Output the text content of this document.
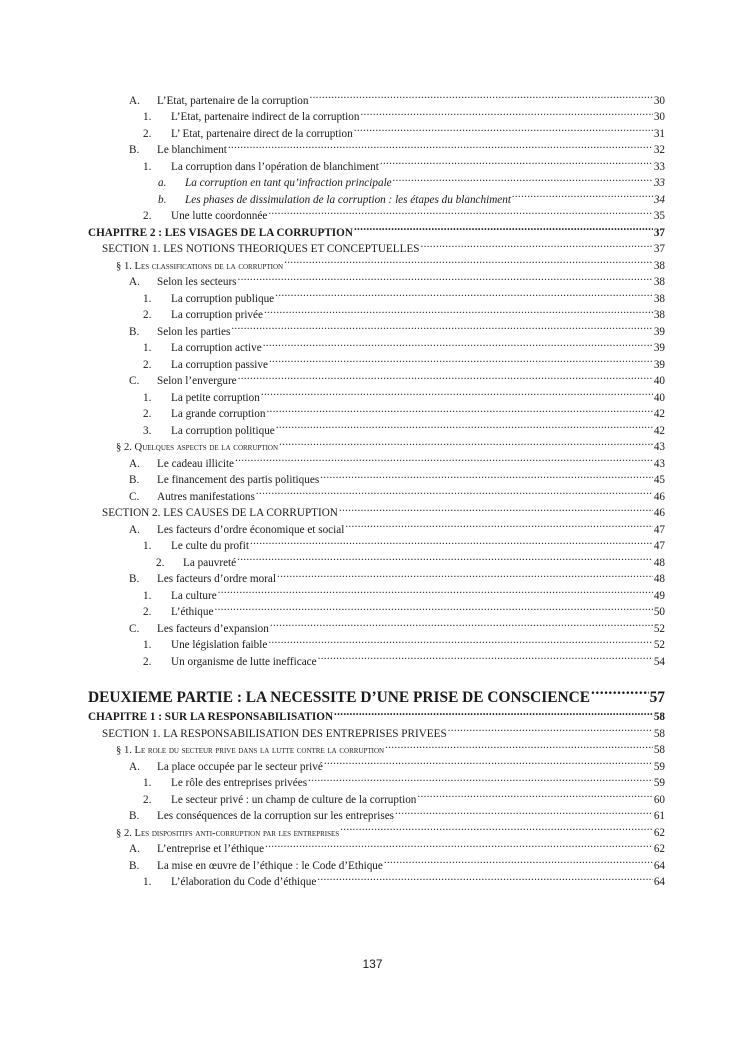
A.	L’Etat, partenaire de la corruption .....	30
1.	L’Etat, partenaire indirect de la corruption .....	30
2.	L’ Etat, partenaire direct de la corruption .....	31
B.	Le blanchiment .....	32
1.	La corruption dans l’opération de blanchiment .....	33
a.	La corruption en tant qu’infraction principale .....	33
b.	Les phases de dissimulation de la corruption : les étapes du blanchiment .....	34
2.	Une lutte coordonnée .....	35
CHAPITRE 2 : LES VISAGES DE LA CORRUPTION .....	37
SECTION 1. LES NOTIONS THEORIQUES ET CONCEPTUELLES .....	37
§ 1. Les classifications de la corruption .....	38
A.	Selon les secteurs .....	38
1.	La corruption publique .....	38
2.	La corruption privée .....	38
B.	Selon les parties .....	39
1.	La corruption active .....	39
2.	La corruption passive .....	39
C.	Selon l’envergure .....	40
1.	La petite corruption .....	40
2.	La grande corruption .....	42
3.	La corruption politique .....	42
§ 2. Quelques aspects de la corruption .....	43
A.	Le cadeau illicite .....	43
B.	Le financement des partis politiques .....	45
C.	Autres manifestations .....	46
SECTION 2. LES CAUSES DE LA CORRUPTION .....	46
A.	Les facteurs d’ordre économique et social .....	47
1.	Le culte du profit .....	47
2.	La pauvreté .....	48
B.	Les facteurs d’ordre moral .....	48
1.	La culture .....	49
2.	L’éthique .....	50
C.	Les facteurs d’expansion .....	52
1.	Une législation faible .....	52
2.	Un organisme de lutte inefficace .....	54
DEUXIEME PARTIE : LA NECESSITE D’UNE PRISE DE CONSCIENCE .....	57
CHAPITRE 1 : SUR LA RESPONSABILISATION .....	58
SECTION 1. LA RESPONSABILISATION DES ENTREPRISES PRIVEES .....	58
§ 1. Le role du secteur prive dans la lutte contre la corruption .....	58
A.	La place occupée par le secteur privé .....	59
1.	Le rôle des entreprises privées .....	59
2.	Le secteur privé : un champ de culture de la corruption .....	60
B.	Les conséquences de la corruption sur les entreprises .....	61
§ 2. Les dispositifs anti-corruption par les entreprises .....	62
A.	L’entreprise et l’éthique .....	62
B.	La mise en œuvre de l’éthique : le Code d’Ethique .....	64
1.	L’élaboration du Code d’éthique .....	64
137
